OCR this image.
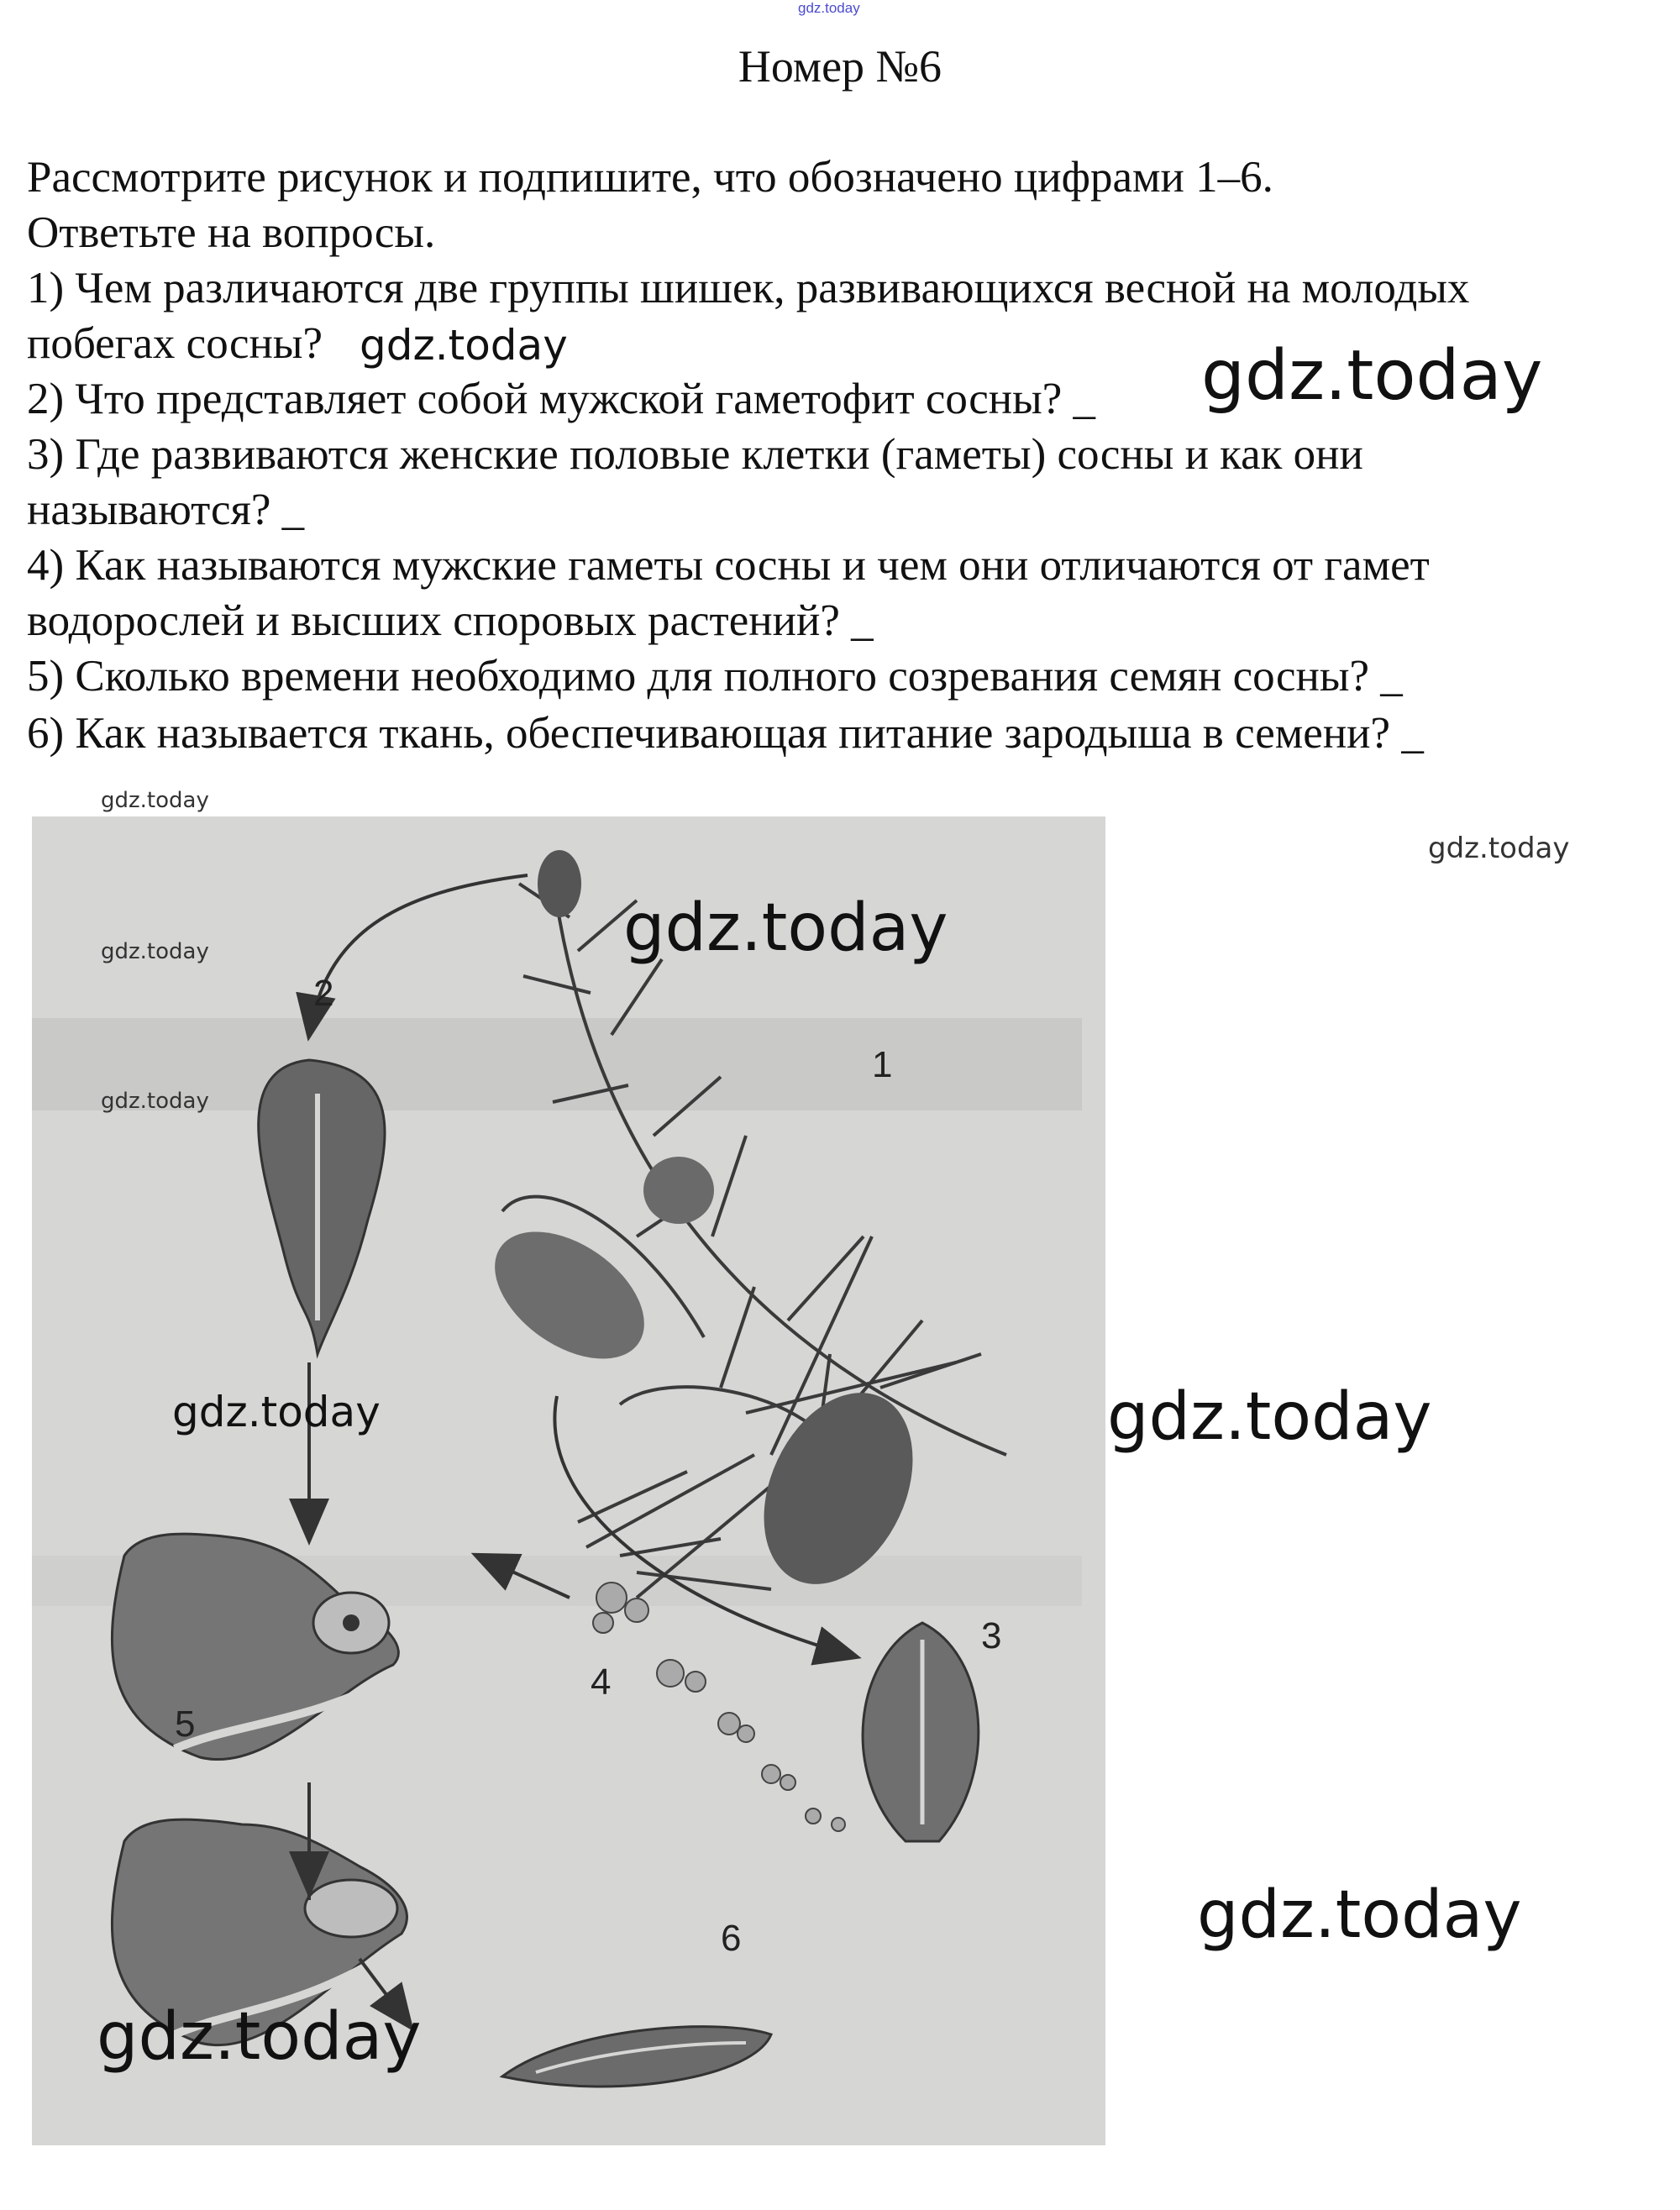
gdz.today
Номер №6
Рассмотрите рисунок и подпишите, что обозначено цифрами 1–6.
Ответьте на вопросы.
1) Чем различаются две группы шишек, развивающихся весной на молодых
побегах сосны?
2) Что представляет собой мужской гаметофит сосны? _
3) Где развиваются женские половые клетки (гаметы) сосны и как они
называются? _
4) Как называются мужские гаметы сосны и чем они отличаются от гамет
водорослей и высших споровых растений? _
5) Сколько времени необходимо для полного созревания семян сосны? _
6) Как называется ткань, обеспечивающая питание зародыша в семени? _
1
2
3
4
5
6
gdz.today	gdz.today
gdz.today
gdz.today
gdz.today
gdz.today
gdz.today
gdz.today	gdz.today
gdz.today
gdz.today
